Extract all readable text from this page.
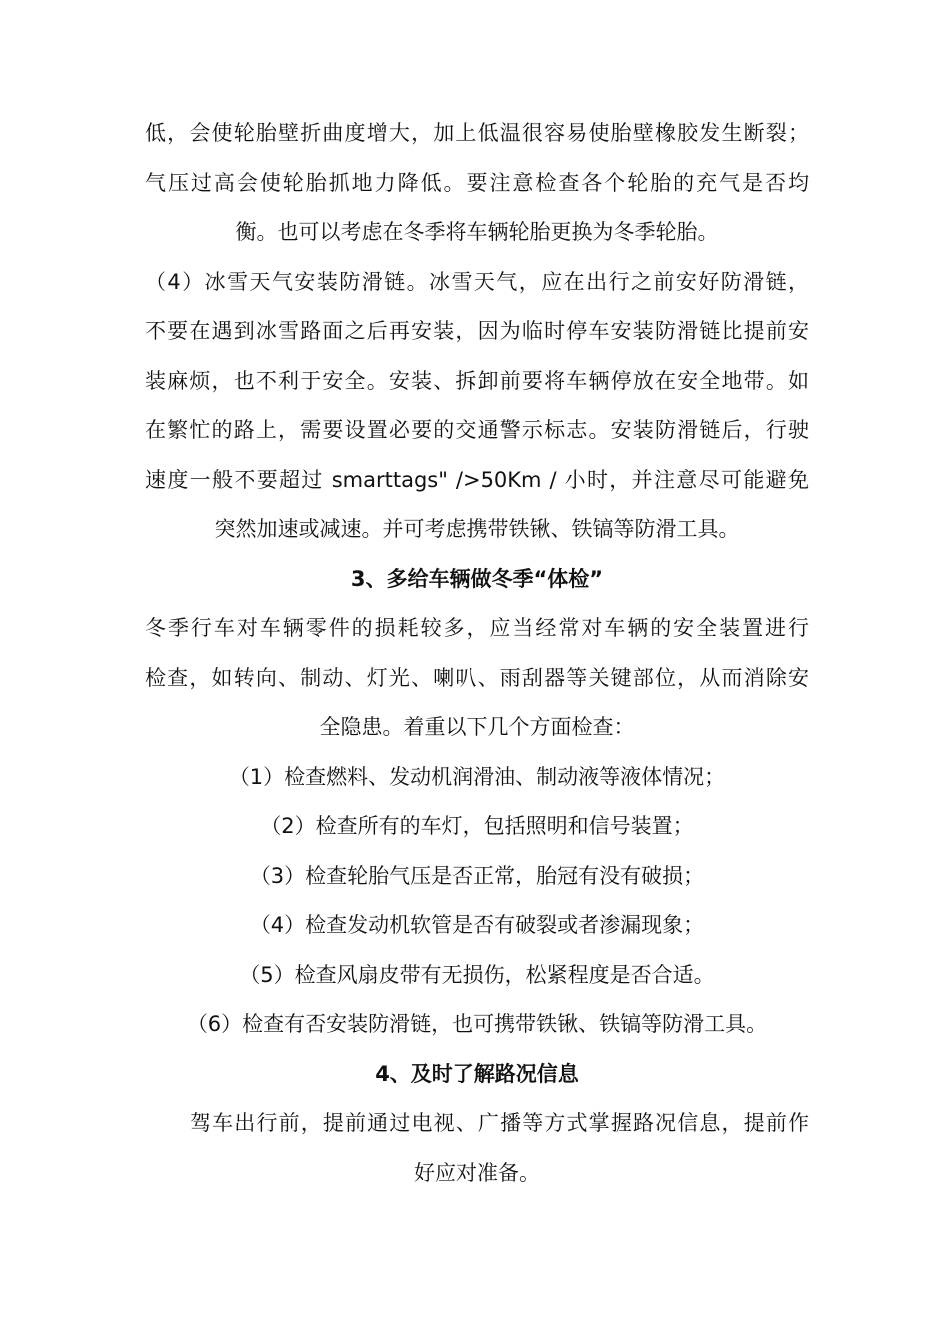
低，会使轮胎壁折曲度增大，加上低温很容易使胎壁橡胶发生断裂；
气压过高会使轮胎抓地力降低。要注意检查各个轮胎的充气是否均
衡。也可以考虑在冬季将车辆轮胎更换为冬季轮胎。
（4）冰雪天气安装防滑链。冰雪天气，应在出行之前安好防滑链，
不要在遇到冰雪路面之后再安装，因为临时停车安装防滑链比提前安
装麻烦，也不利于安全。安装、拆卸前要将车辆停放在安全地带。如
在繁忙的路上，需要设置必要的交通警示标志。安装防滑链后，行驶
速度一般不要超过 smarttags" />50Km / 小时，并注意尽可能避免
突然加速或减速。并可考虑携带铁锹、铁镐等防滑工具。
3、多给车辆做冬季“体检”
冬季行车对车辆零件的损耗较多，应当经常对车辆的安全装置进行
检查，如转向、制动、灯光、喇叭、雨刮器等关键部位，从而消除安
全隐患。着重以下几个方面检查：
（1）检查燃料、发动机润滑油、制动液等液体情况；
（2）检查所有的车灯，包括照明和信号装置；
（3）检查轮胎气压是否正常，胎冠有没有破损；
（4）检查发动机软管是否有破裂或者渗漏现象；
（5）检查风扇皮带有无损伤，松紧程度是否合适。
（6）检查有否安装防滑链，也可携带铁锹、铁镐等防滑工具。
4、及时了解路况信息
驾车出行前，提前通过电视、广播等方式掌握路况信息，提前作
好应对准备。
